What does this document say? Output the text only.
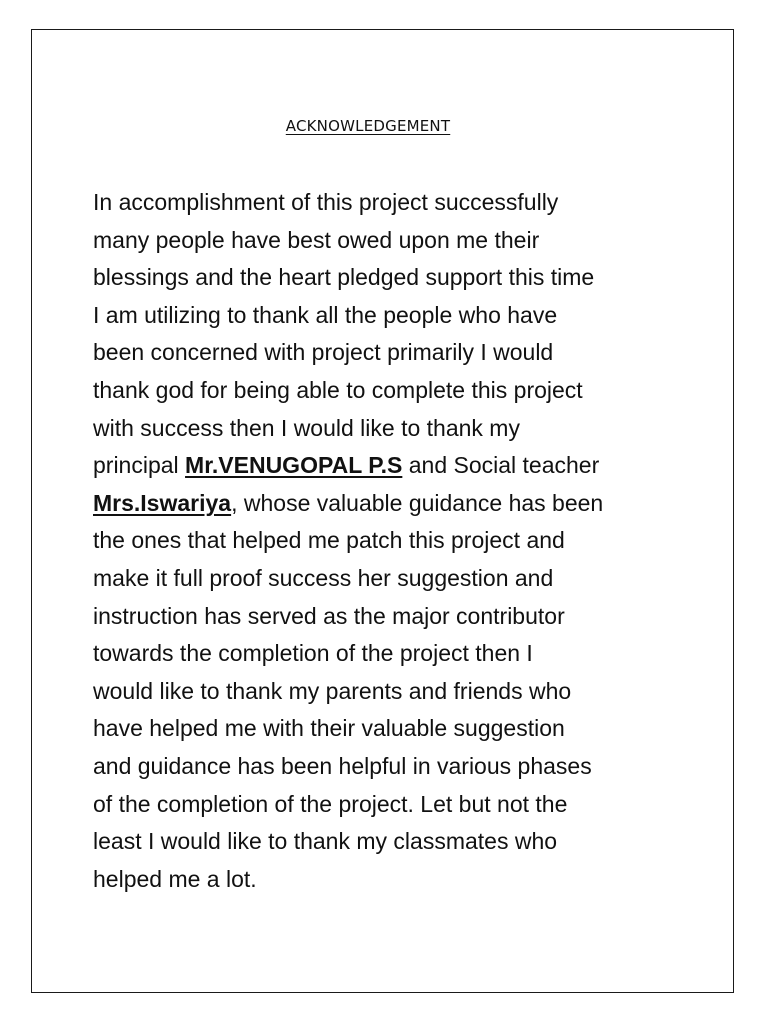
ACKNOWLEDGEMENT

In accomplishment of this project successfully
many people have best owed upon me their
blessings and the heart pledged support this time
I am utilizing to thank all the people who have
been concerned with project primarily I would
thank god for being able to complete this project
with success then I would like to thank my
principal Mr.VENUGOPAL P.S and Social teacher
Mrs.Iswariya, whose valuable guidance has been
the ones that helped me patch this project and
make it full proof success her suggestion and
instruction has served as the major contributor
towards the completion of the project then I
would like to thank my parents and friends who
have helped me with their valuable suggestion
and guidance has been helpful in various phases
of the completion of the project. Let but not the
least I would like to thank my classmates who
helped me a lot.
